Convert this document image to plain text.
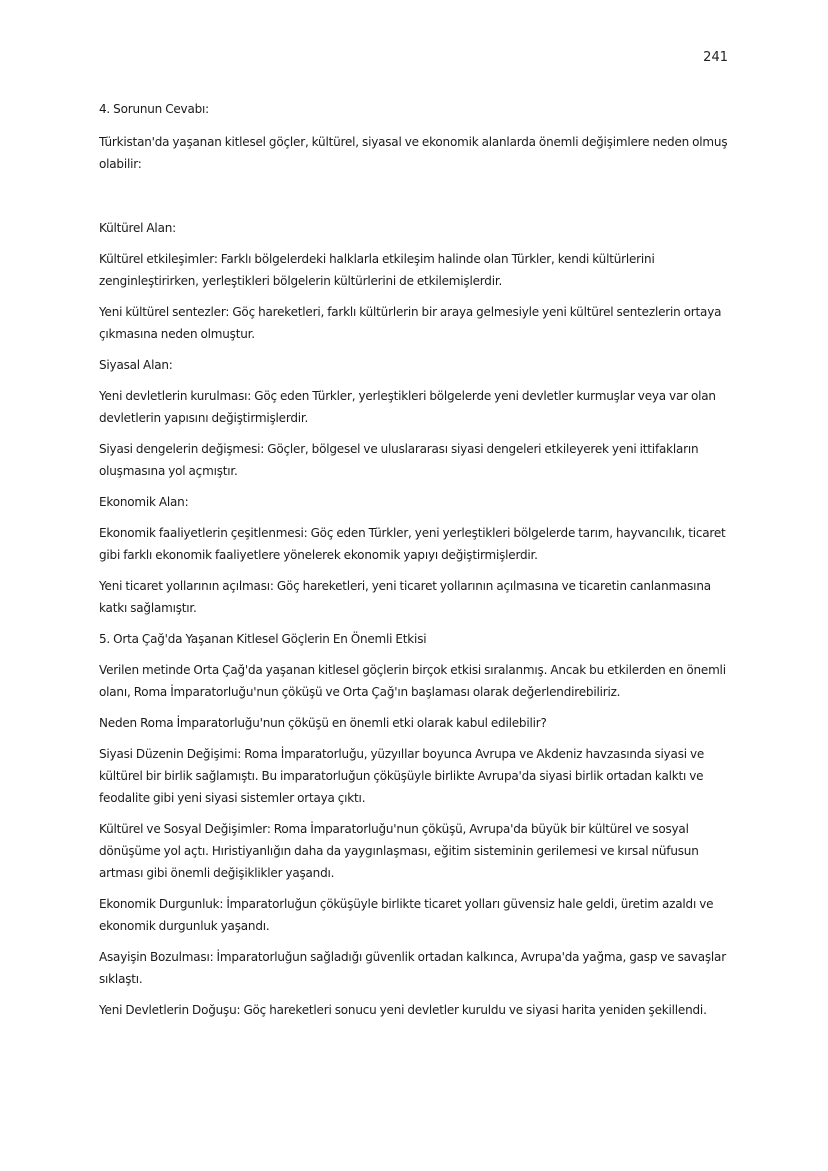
241

4. Sorunun Cevabı:

Türkistan'da yaşanan kitlesel göçler, kültürel, siyasal ve ekonomik alanlarda önemli değişimlere neden olmuş olabilir:

Kültürel Alan:

Kültürel etkileşimler: Farklı bölgelerdeki halklarla etkileşim halinde olan Türkler, kendi kültürlerini zenginleştirirken, yerleştikleri bölgelerin kültürlerini de etkilemişlerdir.

Yeni kültürel sentezler: Göç hareketleri, farklı kültürlerin bir araya gelmesiyle yeni kültürel sentezlerin ortaya çıkmasına neden olmuştur.

Siyasal Alan:

Yeni devletlerin kurulması: Göç eden Türkler, yerleştikleri bölgelerde yeni devletler kurmuşlar veya var olan devletlerin yapısını değiştirmişlerdir.

Siyasi dengelerin değişmesi: Göçler, bölgesel ve uluslararası siyasi dengeleri etkileyerek yeni ittifakların oluşmasına yol açmıştır.

Ekonomik Alan:

Ekonomik faaliyetlerin çeşitlenmesi: Göç eden Türkler, yeni yerleştikleri bölgelerde tarım, hayvancılık, ticaret gibi farklı ekonomik faaliyetlere yönelerek ekonomik yapıyı değiştirmişlerdir.

Yeni ticaret yollarının açılması: Göç hareketleri, yeni ticaret yollarının açılmasına ve ticaretin canlanmasına katkı sağlamıştır.

5. Orta Çağ'da Yaşanan Kitlesel Göçlerin En Önemli Etkisi

Verilen metinde Orta Çağ'da yaşanan kitlesel göçlerin birçok etkisi sıralanmış. Ancak bu etkilerden en önemli olanı, Roma İmparatorluğu'nun çöküşü ve Orta Çağ'ın başlaması olarak değerlendirebiliriz.

Neden Roma İmparatorluğu'nun çöküşü en önemli etki olarak kabul edilebilir?

Siyasi Düzenin Değişimi: Roma İmparatorluğu, yüzyıllar boyunca Avrupa ve Akdeniz havzasında siyasi ve kültürel bir birlik sağlamıştı. Bu imparatorluğun çöküşüyle birlikte Avrupa'da siyasi birlik ortadan kalktı ve feodalite gibi yeni siyasi sistemler ortaya çıktı.

Kültürel ve Sosyal Değişimler: Roma İmparatorluğu'nun çöküşü, Avrupa'da büyük bir kültürel ve sosyal dönüşüme yol açtı. Hıristiyanlığın daha da yaygınlaşması, eğitim sisteminin gerilemesi ve kırsal nüfusun artması gibi önemli değişiklikler yaşandı.

Ekonomik Durgunluk: İmparatorluğun çöküşüyle birlikte ticaret yolları güvensiz hale geldi, üretim azaldı ve ekonomik durgunluk yaşandı.

Asayişin Bozulması: İmparatorluğun sağladığı güvenlik ortadan kalkınca, Avrupa'da yağma, gasp ve savaşlar sıklaştı.

Yeni Devletlerin Doğuşu: Göç hareketleri sonucu yeni devletler kuruldu ve siyasi harita yeniden şekillendi.
